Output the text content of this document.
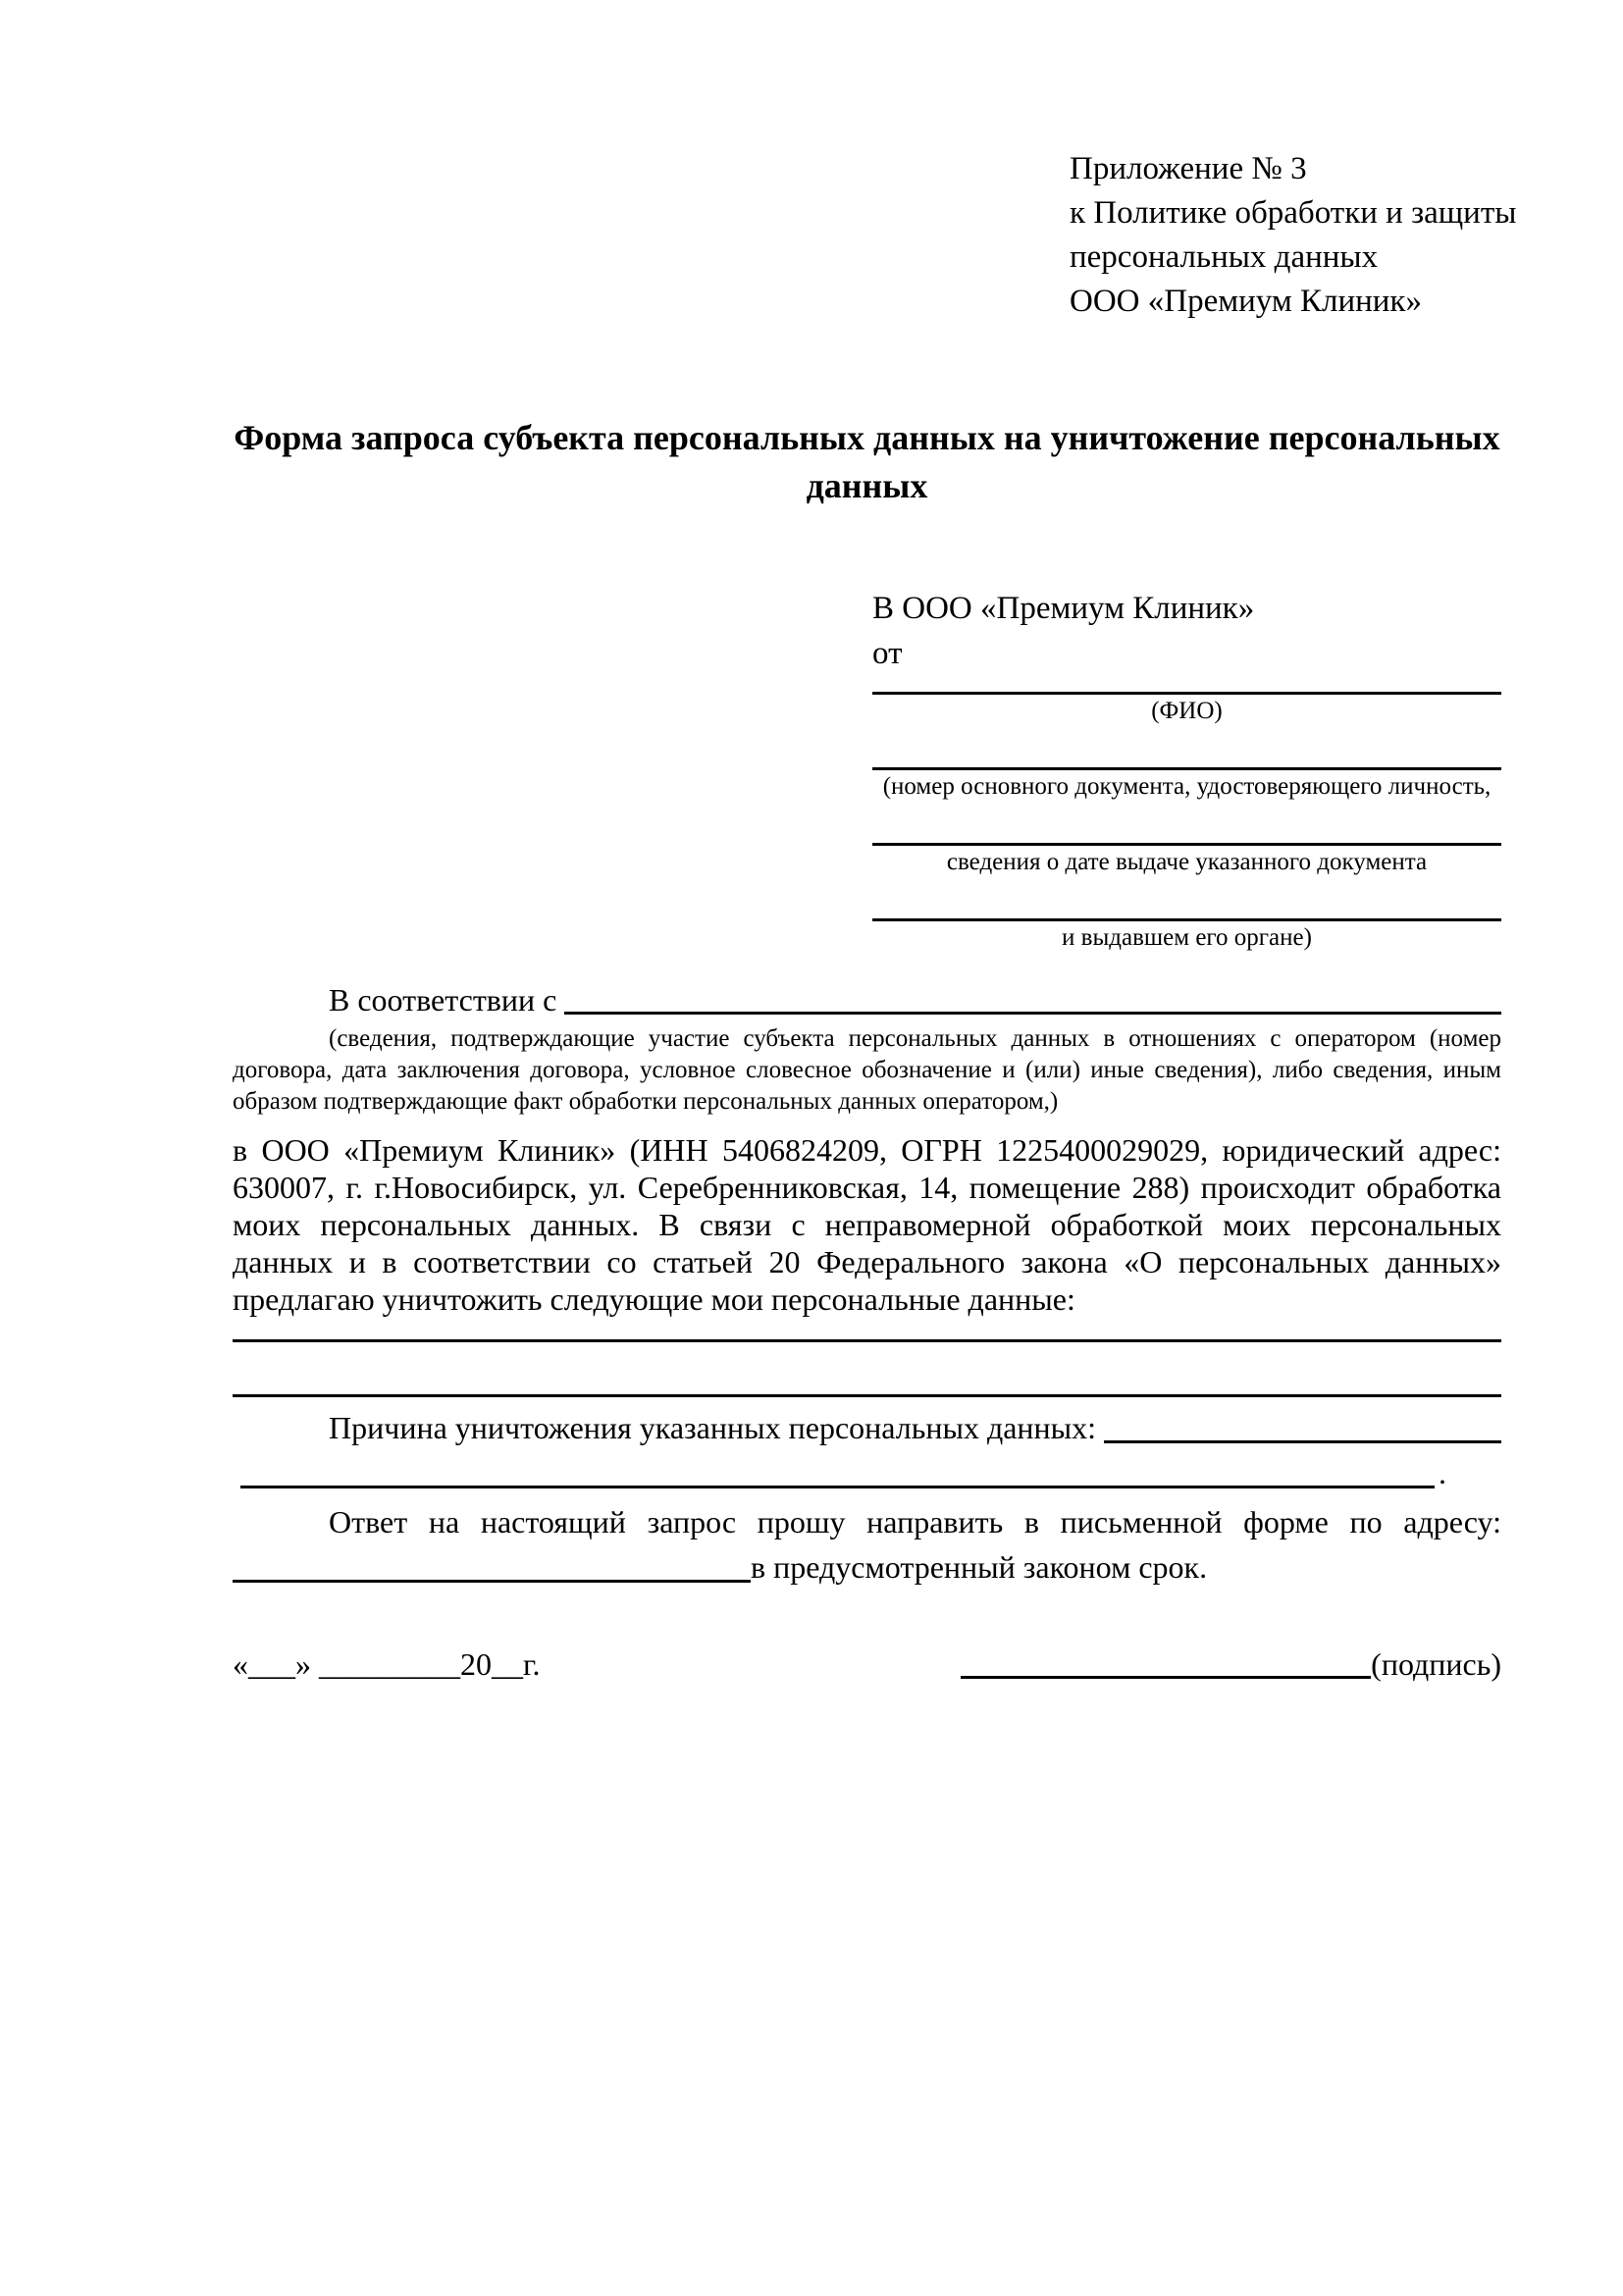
Приложение № 3
к Политике обработки и защиты
персональных данных
ООО «Премиум Клиник»
Форма запроса субъекта персональных данных на уничтожение персональных данных
В ООО «Премиум Клиник»
от
(ФИО)
(номер основного документа, удостоверяющего личность,
сведения о дате выдаче указанного документа
и выдавшем его органе)
В соответствии с

(сведения, подтверждающие участие субъекта персональных данных в отношениях с оператором (номер договора, дата заключения договора, условное словесное обозначение и (или) иные сведения), либо сведения, иным образом подтверждающие факт обработки персональных данных оператором,)

в ООО «Премиум Клиник» (ИНН 5406824209, ОГРН 1225400029029, юридический адрес: 630007, г. г.Новосибирск, ул. Серебренниковская, 14, помещение 288) происходит обработка моих персональных данных. В связи с неправомерной обработкой моих персональных данных и в соответствии со статьей 20 Федерального закона «О персональных данных» предлагаю уничтожить следующие мои персональные данные:

Причина уничтожения указанных персональных данных:
.

Ответ на настоящий запрос прошу направить в письменной форме по адресу:

в предусмотренный законом срок.
«___» _________20__г.	(подпись)
